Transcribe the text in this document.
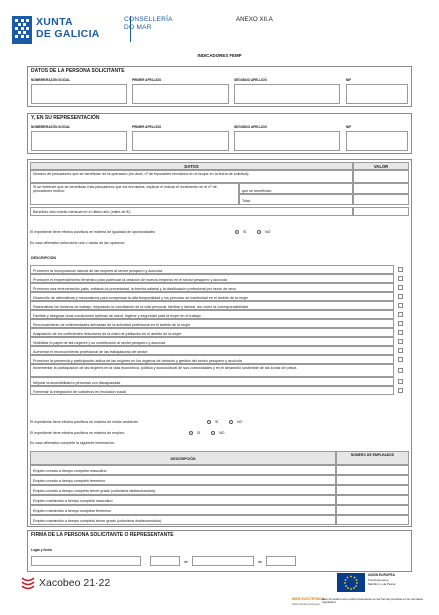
XUNTA
DE GALICIA
CONSELLERÍA
DO MAR
ANEXO XII.A
INDICADORES FEMP
DATOS DE LA PERSONA SOLICITANTE
NOMBRE/RAZÓN SOCIAL	PRIMER APELLIDO	SEGUNDO APELLIDO	NIF
Y, EN SU REPRESENTACIÓN
NOMBRE/RAZÓN SOCIAL	PRIMER APELLIDO	SEGUNDO APELLIDO	NIF
DATOS	VALOR
Número de pescadores que se benefician de la operación (es decir, nº de tripulantes enrolados en el buque en la fecha de solicitud):
Si se entiende que se benefician más pescadores que los enrolados, explicar el indicar el incremento en el nº de pescadores motivo:	que se benefician:
Total:
Beneficio neto medio mensual en el último año (miles de €):
El expediente tiene efectos positivos en materia de igualdad de oportunidades:	SÍ	NO
En caso afirmativo seleccione una o varias de las opciones:
DESCRIPCIÓN
Promover la incorporación laboral de las mujeres al sector pesquero y acuícola
Promover el emprendimiento femenino para potenciar la creación de nuevos empleos en el sector pesquero y acuícola
Promover una remuneración justa, evitando la precariedad, la brecha salarial y la clasificación profesional por razón de sexo
Desarrollo de alternativas y mecanismos para compensar la alta temporalidad y los períodos de inactividad en el ámbito de la mujer
Racionalizar los horarios de trabajo, mejorando la conciliación de la vida personal, familiar y laboral, así como la corresponsabilidad
Facilitar y asegurar unas condiciones óptimas de salud, higiene y seguridad para la mujer en el trabajo
Reconocimiento de enfermedades derivadas de la actividad profesional en el ámbito de la mujer
Adaptación de los coeficientes reductores de la edad de jubilación en el ámbito de la mujer
Visibilizar el papel de las mujeres y su contribución al sector pesquero y acuícola
Aumentar el reconocimiento profesional de las trabajadoras del sector
Promover la presencia y participación activa de las mujeres en los órganos de decisión y gestión del sector pesquero y acuícola
Incrementar la participación de las mujeres en la vida económica, política y sociocultural de sus comunidades y en el desarrollo sostenible de las zonas de pesca
Mejorar la accesibilidad a personas con discapacidad
Fomentar la integración de colectivos en exclusión social
El expediente tiene efectos positivos en materia de medio ambiente:	SÍ	NO
El expediente tiene efectos positivos en materia de empleo:	SÍ	NO
En caso afirmativo complete la siguiente información:
DESCRIPCIÓN
NÚMERO DE EMPLEADOS
Empleo creado a tiempo completo masculino
Empleo creado a tiempo completo femenino
Empleo creado a tiempo completo tercer grado (colectivos desfavorecidos)
Empleo mantenido a tiempo completo masculino
Empleo mantenido a tiempo completo femenino
Empleo mantenido a tiempo completo tercer grado (colectivos desfavorecidos)
FIRMA DE LA PERSONA SOLICITANTE O REPRESENTANTE
Lugar y fecha
,	de	de
Xacobeo 21·22
UNIÓN EUROPEA
Fondo Europeo
Marítimo y de Pesca
SEDE ELECTRÓNICA
Este formulario solo podrá presentarse en las formas previstas en la normativa reguladora
https://sede.xunta.gal
